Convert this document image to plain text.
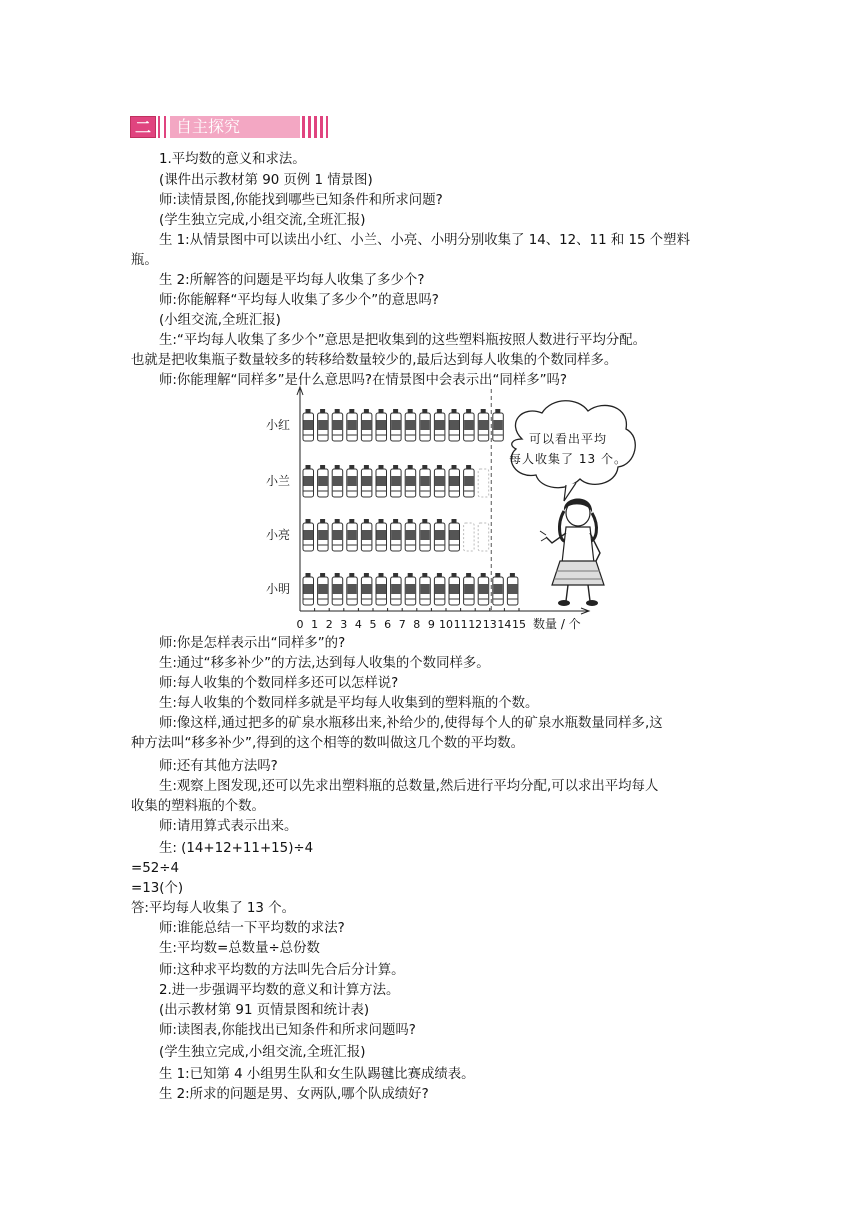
二	自主探究
1.平均数的意义和求法。
(课件出示教材第 90 页例 1 情景图)
师:读情景图,你能找到哪些已知条件和所求问题?
(学生独立完成,小组交流,全班汇报)
生 1:从情景图中可以读出小红、小兰、小亮、小明分别收集了 14、12、11 和 15 个塑料
瓶。
生 2:所解答的问题是平均每人收集了多少个?
师:你能解释“平均每人收集了多少个”的意思吗?
(小组交流,全班汇报)
生:“平均每人收集了多少个”意思是把收集到的这些塑料瓶按照人数进行平均分配。
也就是把收集瓶子数量较多的转移给数量较少的,最后达到每人收集的个数同样多。
师:你能理解“同样多”是什么意思吗?在情景图中会表示出“同样多”吗?
0 1 2 3 4 5 6 7 8 9 10 11 12 13 14 15 数量 / 个
小红
小兰
小亮
小明
可以看出平均
每人收集了 13 个。
师:你是怎样表示出“同样多”的?
生:通过“移多补少”的方法,达到每人收集的个数同样多。
师:每人收集的个数同样多还可以怎样说?
生:每人收集的个数同样多就是平均每人收集到的塑料瓶的个数。
师:像这样,通过把多的矿泉水瓶移出来,补给少的,使得每个人的矿泉水瓶数量同样多,这
种方法叫“移多补少”,得到的这个相等的数叫做这几个数的平均数。
师:还有其他方法吗?
生:观察上图发现,还可以先求出塑料瓶的总数量,然后进行平均分配,可以求出平均每人
收集的塑料瓶的个数。
师:请用算式表示出来。
生: (14+12+11+15)÷4
=52÷4
=13(个)
答:平均每人收集了 13 个。
师:谁能总结一下平均数的求法?
生:平均数=总数量÷总份数
师:这种求平均数的方法叫先合后分计算。
2.进一步强调平均数的意义和计算方法。
(出示教材第 91 页情景图和统计表)
师:读图表,你能找出已知条件和所求问题吗?
(学生独立完成,小组交流,全班汇报)
生 1:已知第 4 小组男生队和女生队踢毽比赛成绩表。
生 2:所求的问题是男、女两队,哪个队成绩好?
